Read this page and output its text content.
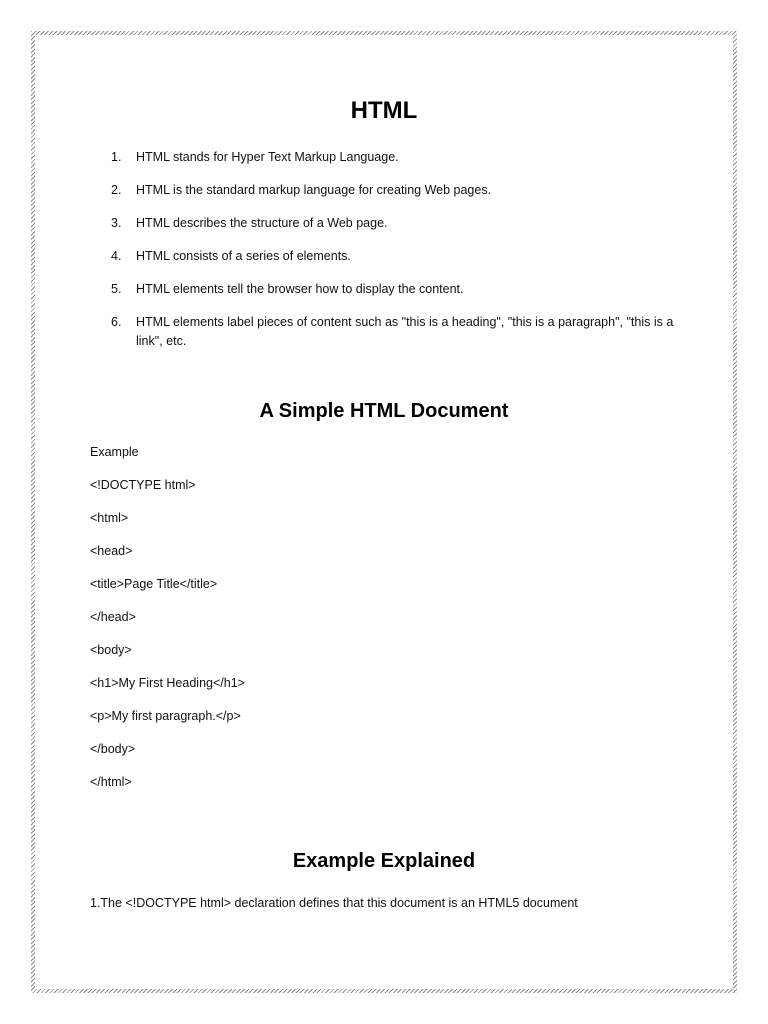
HTML
1. HTML stands for Hyper Text Markup Language.
2. HTML is the standard markup language for creating Web pages.
3. HTML describes the structure of a Web page.
4. HTML consists of a series of elements.
5. HTML elements tell the browser how to display the content.
6. HTML elements label pieces of content such as "this is a heading", "this is a paragraph", "this is a link", etc.
A Simple HTML Document
Example
<!DOCTYPE html>
<html>
<head>
<title>Page Title</title>
</head>
<body>
<h1>My First Heading</h1>
<p>My first paragraph.</p>
</body>
</html>
Example Explained
1.The <!DOCTYPE html> declaration defines that this document is an HTML5 document
